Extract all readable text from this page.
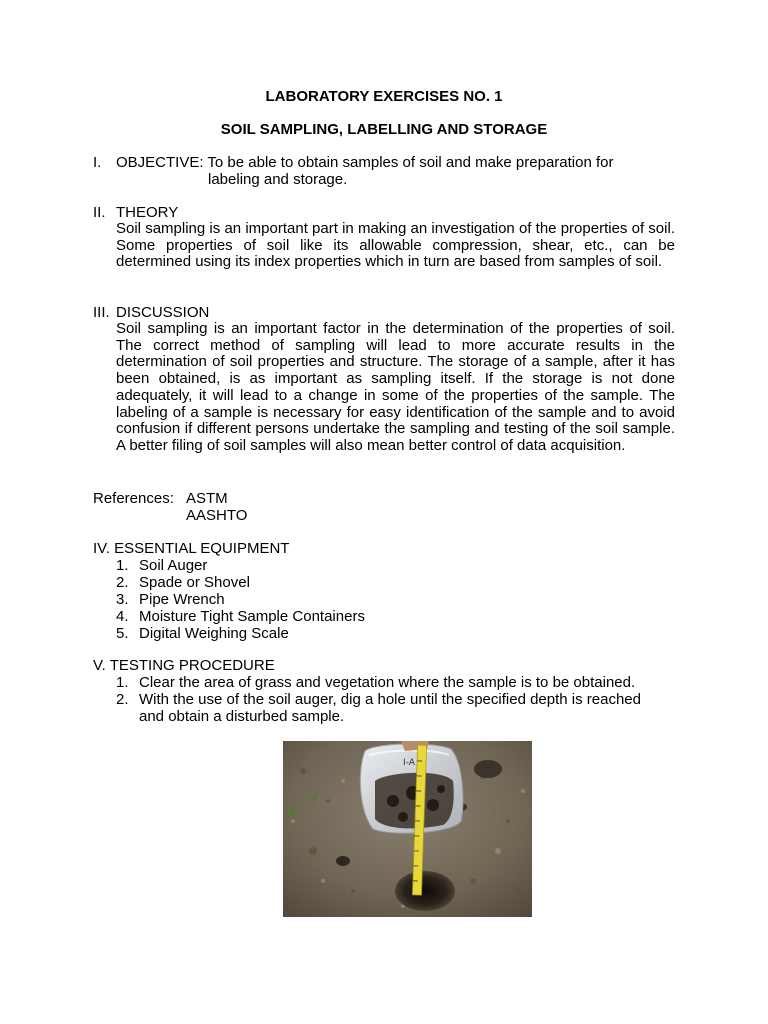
LABORATORY EXERCISES NO. 1
SOIL SAMPLING, LABELLING AND STORAGE
I. OBJECTIVE: To be able to obtain samples of soil and make preparation for
labeling and storage.
II. THEORY
Soil sampling is an important part in making an investigation of the properties of soil. Some properties of soil like its allowable compression, shear, etc., can be determined using its index properties which in turn are based from samples of soil.
III. DISCUSSION
Soil sampling is an important factor in the determination of the properties of soil. The correct method of sampling will lead to more accurate results in the determination of soil properties and structure. The storage of a sample, after it has been obtained, is as important as sampling itself. If the storage is not done adequately, it will lead to a change in some of the properties of the sample. The labeling of a sample is necessary for easy identification of the sample and to avoid confusion if different persons undertake the sampling and testing of the soil sample. A better filing of soil samples will also mean better control of data acquisition.
References: ASTM
AASHTO
IV. ESSENTIAL EQUIPMENT
1. Soil Auger
2. Spade or Shovel
3. Pipe Wrench
4. Moisture Tight Sample Containers
5. Digital Weighing Scale
V. TESTING PROCEDURE
1. Clear the area of grass and vegetation where the sample is to be obtained.
2. With the use of the soil auger, dig a hole until the specified depth is reached
and obtain a disturbed sample.
I-A
